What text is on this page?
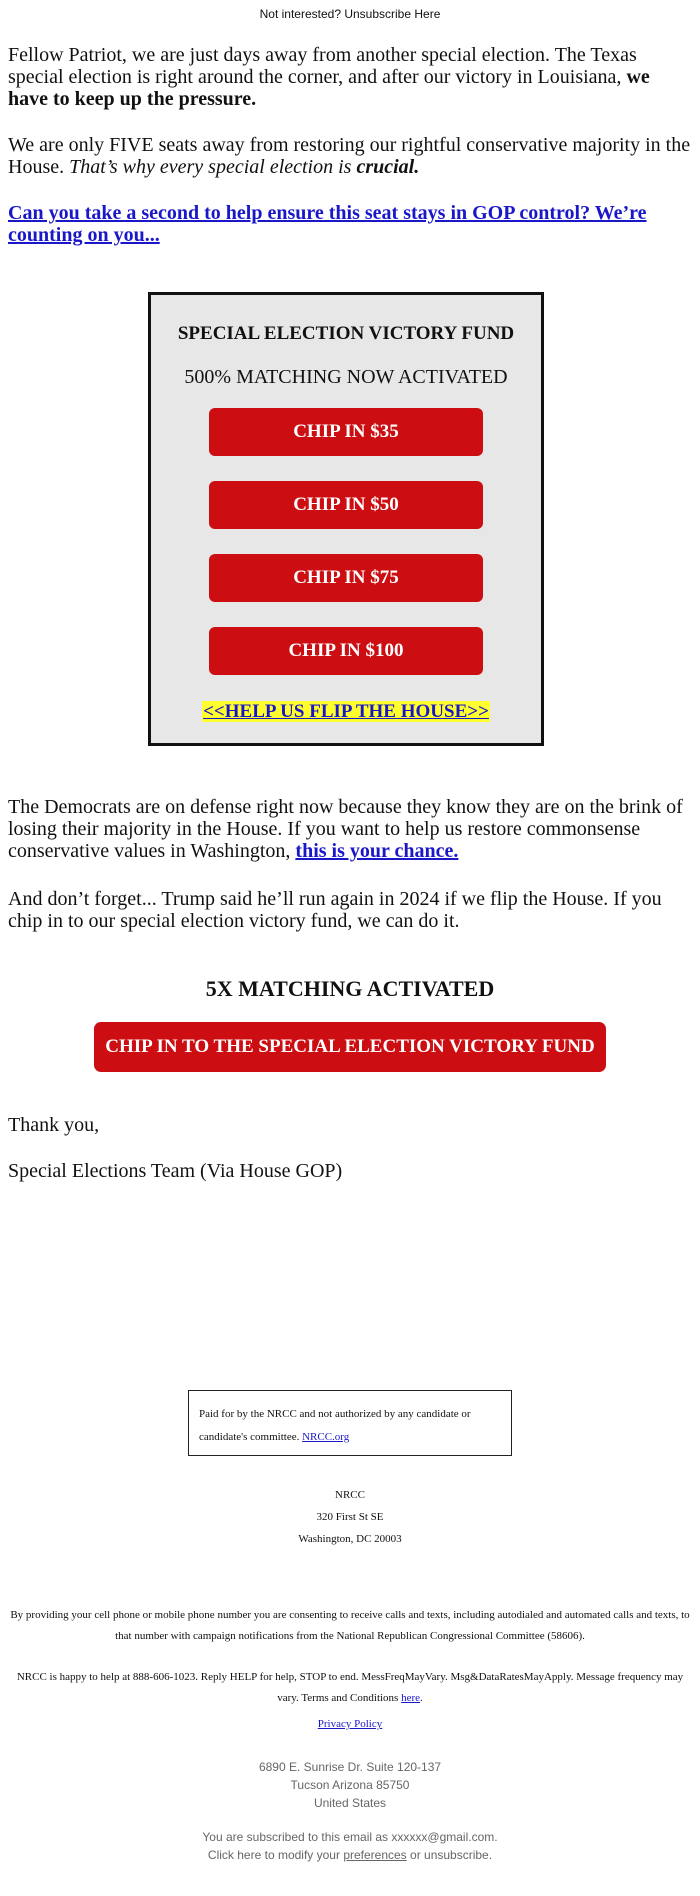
Not interested? Unsubscribe Here
Fellow Patriot, we are just days away from another special election. The Texas special election is right around the corner, and after our victory in Louisiana, we have to keep up the pressure.
We are only FIVE seats away from restoring our rightful conservative majority in the House. That’s why every special election is crucial.
Can you take a second to help ensure this seat stays in GOP control? We’re counting on you...
SPECIAL ELECTION VICTORY FUND
500% MATCHING NOW ACTIVATED
CHIP IN $35
CHIP IN $50
CHIP IN $75
CHIP IN $100
<<HELP US FLIP THE HOUSE>>
The Democrats are on defense right now because they know they are on the brink of losing their majority in the House. If you want to help us restore commonsense conservative values in Washington, this is your chance.
And don’t forget... Trump said he’ll run again in 2024 if we flip the House. If you chip in to our special election victory fund, we can do it.
5X MATCHING ACTIVATED
CHIP IN TO THE SPECIAL ELECTION VICTORY FUND
Thank you,
Special Elections Team (Via House GOP)
Paid for by the NRCC and not authorized by any candidate or candidate's committee. NRCC.org
NRCC
320 First St SE
Washington, DC 20003
By providing your cell phone or mobile phone number you are consenting to receive calls and texts, including autodialed and automated calls and texts, to that number with campaign notifications from the National Republican Congressional Committee (58606).
NRCC is happy to help at 888-606-1023. Reply HELP for help, STOP to end. MessFreqMayVary. Msg&DataRatesMayApply. Message frequency may vary. Terms and Conditions here.
Privacy Policy
6890 E. Sunrise Dr. Suite 120-137
Tucson Arizona 85750
United States
You are subscribed to this email as xxxxxx@gmail.com.
Click here to modify your preferences or unsubscribe.
